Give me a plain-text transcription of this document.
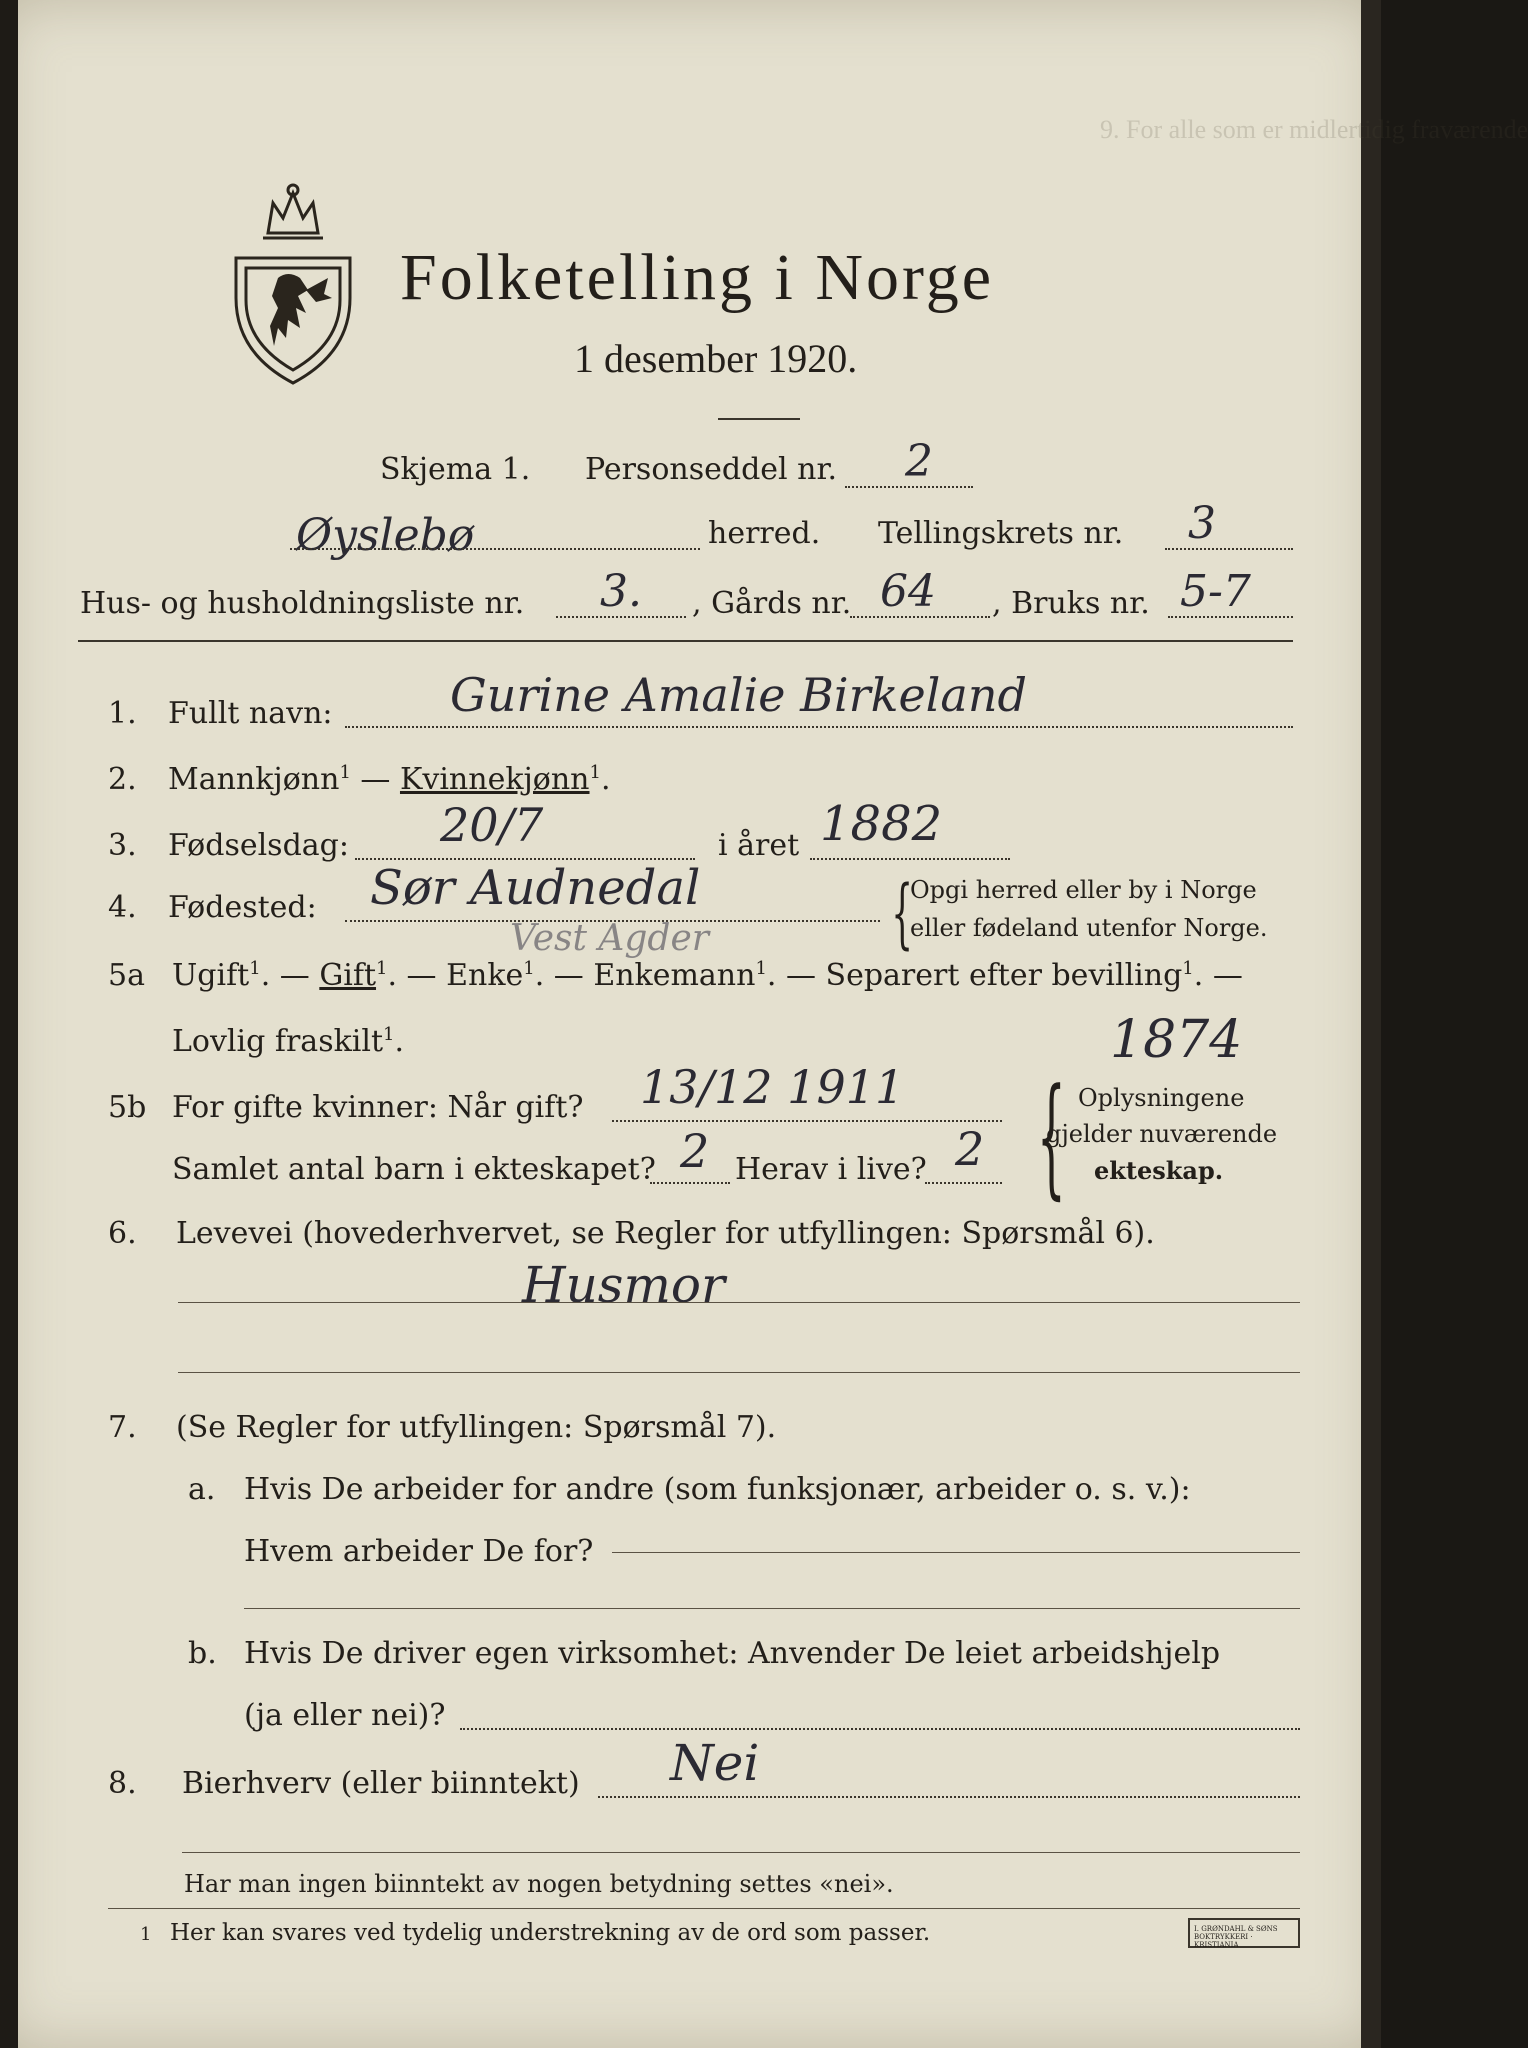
9. For alle som er midlertidig fraværende
Folketelling i Norge
1 desember 1920.
Skjema 1. Personseddel nr. 2
Øyslebø	herred. Tellingskrets nr. 3
Hus- og husholdningsliste nr. 3. , Gårds nr. 64 , Bruks nr. 5-7
1. Fullt navn:	Gurine Amalie Birkeland
2. Mannkjønn$^1$ — Kvinnekjønn$^1$.
3. Fødselsdag: 20/7	i året 1882
4. Fødested: Sør Audnedal
Vest Agder {
Opgi herred eller by i Norge
eller fødeland utenfor Norge.
5a Ugift$^1$. — Gift$^1$. — Enke$^1$. — Enkemann$^1$. — Separert efter bevilling$^1$. —
Lovlig fraskilt$^1$.	1874
5b For gifte kvinner: Når gift? 13/12 1911
Samlet antal barn i ekteskapet? 2 Herav i live? 2 { Oplysningene
gjelder nuværende
ekteskap.
6. Levevei (hovederhvervet, se Regler for utfyllingen: Spørsmål 6).
Husmor
7. (Se Regler for utfyllingen: Spørsmål 7).
a. Hvis De arbeider for andre (som funksjonær, arbeider o. s. v.):
Hvem arbeider De for?
b. Hvis De driver egen virksomhet: Anvender De leiet arbeidshjelp
(ja eller nei)?
8. Bierhverv (eller biinntekt) Nei
Har man ingen biinntekt av nogen betydning settes «nei».
1 Her kan svares ved tydelig understrekning av de ord som passer.	I. GRØNDAHL & SØNS BOKTRYKKERI · KRISTIANIA
